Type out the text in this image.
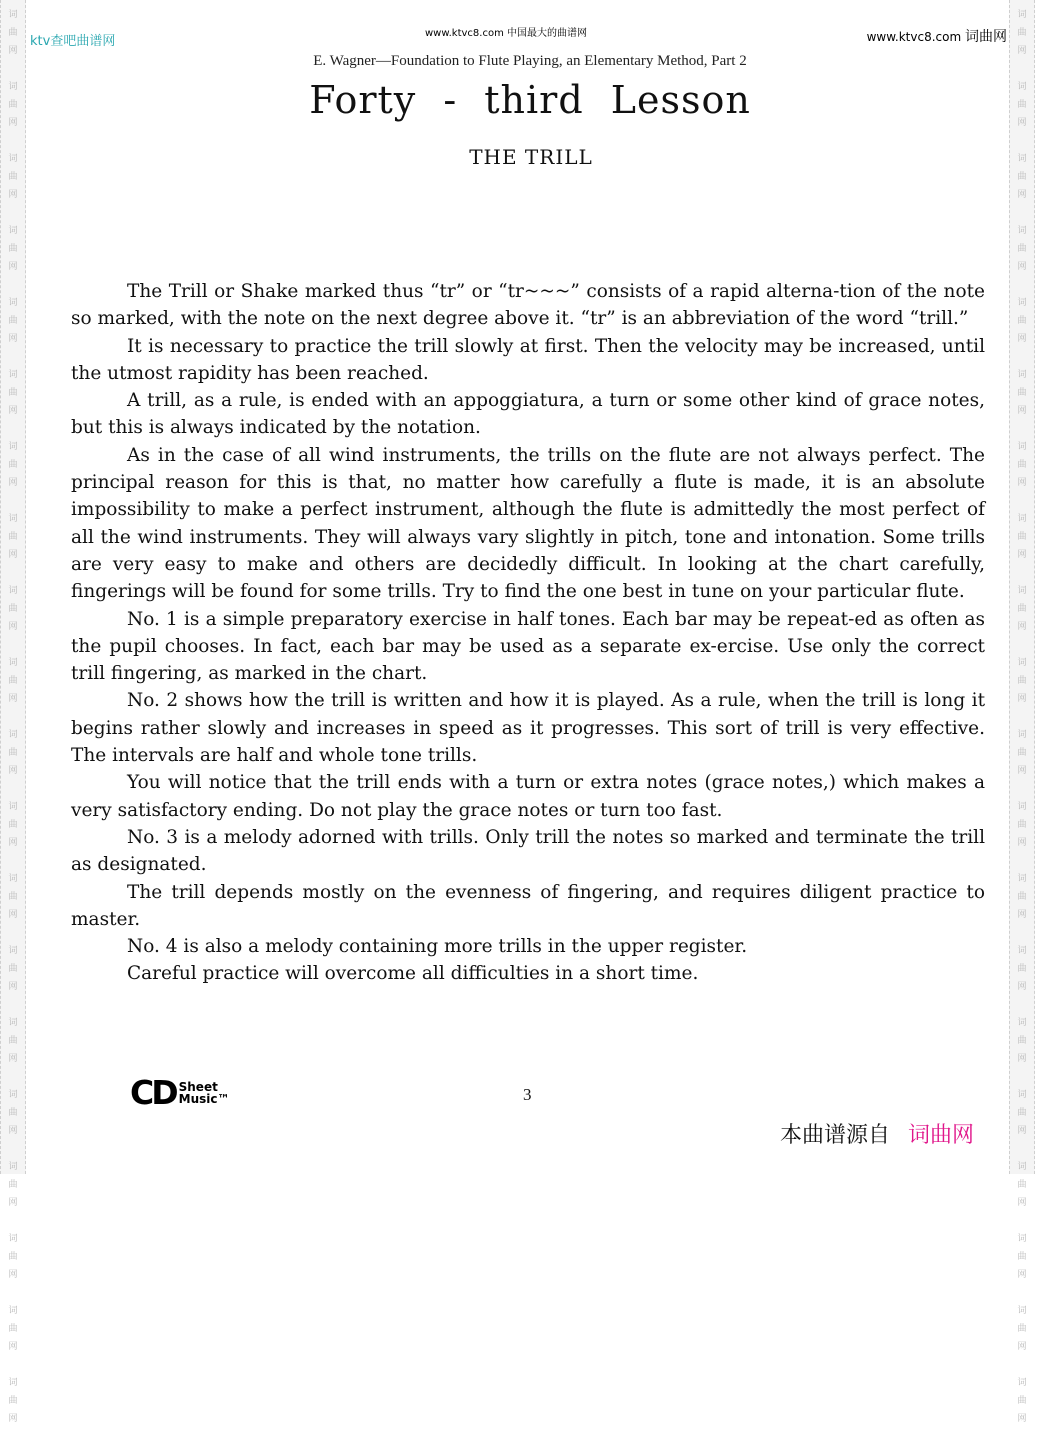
词
曲
网

词
曲
网

词
曲
网

词
曲
网

词
曲
网

词
曲
网

词
曲
网

词
曲
网

词
曲
网

词
曲
网

词
曲
网

词
曲
网

词
曲
网

词
曲
网

词
曲
网

词
曲
网

词
曲
网

词
曲
网

词
曲
网

词
曲
网

词
曲
网

词
曲
网

词
曲
网

词
曲
网

词
曲
网

词
曲
网

词
曲
网

词
曲
网

词
曲
网

词
曲
网

词
曲
网

词
曲
网

词
曲
网

词
曲
网

词
曲
网

词
曲
网

词
曲
网

词
曲
网

词
曲
网

词
曲
网

ktv查吧曲谱网
www.ktvc8.com 中国最大的曲谱网	www.ktvc8.com 词曲网
E. Wagner—Foundation to Flute Playing, an Elementary Method, Part 2
Forty - third Lesson
THE TRILL

The Trill or Shake marked thus “tr” or “tr~~~” consists of a rapid alterna-tion of the note so marked, with the note on the next degree above it. “tr” is an abbreviation of the word “trill.”

It is necessary to practice the trill slowly at first. Then the velocity may be increased, until the utmost rapidity has been reached.

A trill, as a rule, is ended with an appoggiatura, a turn or some other kind of grace notes, but this is always indicated by the notation.

As in the case of all wind instruments, the trills on the flute are not always perfect. The principal reason for this is that, no matter how carefully a flute is made, it is an absolute impossibility to make a perfect instrument, although the flute is admittedly the most perfect of all the wind instruments. They will always vary slightly in pitch, tone and intonation. Some trills are very easy to make and others are decidedly difficult. In looking at the chart carefully, fingerings will be found for some trills. Try to find the one best in tune on your particular flute.

No. 1 is a simple preparatory exercise in half tones. Each bar may be repeat-ed as often as the pupil chooses. In fact, each bar may be used as a separate ex-ercise. Use only the correct trill fingering, as marked in the chart.

No. 2 shows how the trill is written and how it is played. As a rule, when the trill is long it begins rather slowly and increases in speed as it progresses. This sort of trill is very effective. The intervals are half and whole tone trills.

You will notice that the trill ends with a turn or extra notes (grace notes,) which makes a very satisfactory ending. Do not play the grace notes or turn too fast.

No. 3 is a melody adorned with trills. Only trill the notes so marked and terminate the trill as designated.

The trill depends mostly on the evenness of fingering, and requires diligent practice to master.

No. 4 is also a melody containing more trills in the upper register.

Careful practice will overcome all difficulties in a short time.

CD Sheet Music™	3
本曲谱源自 词曲网
